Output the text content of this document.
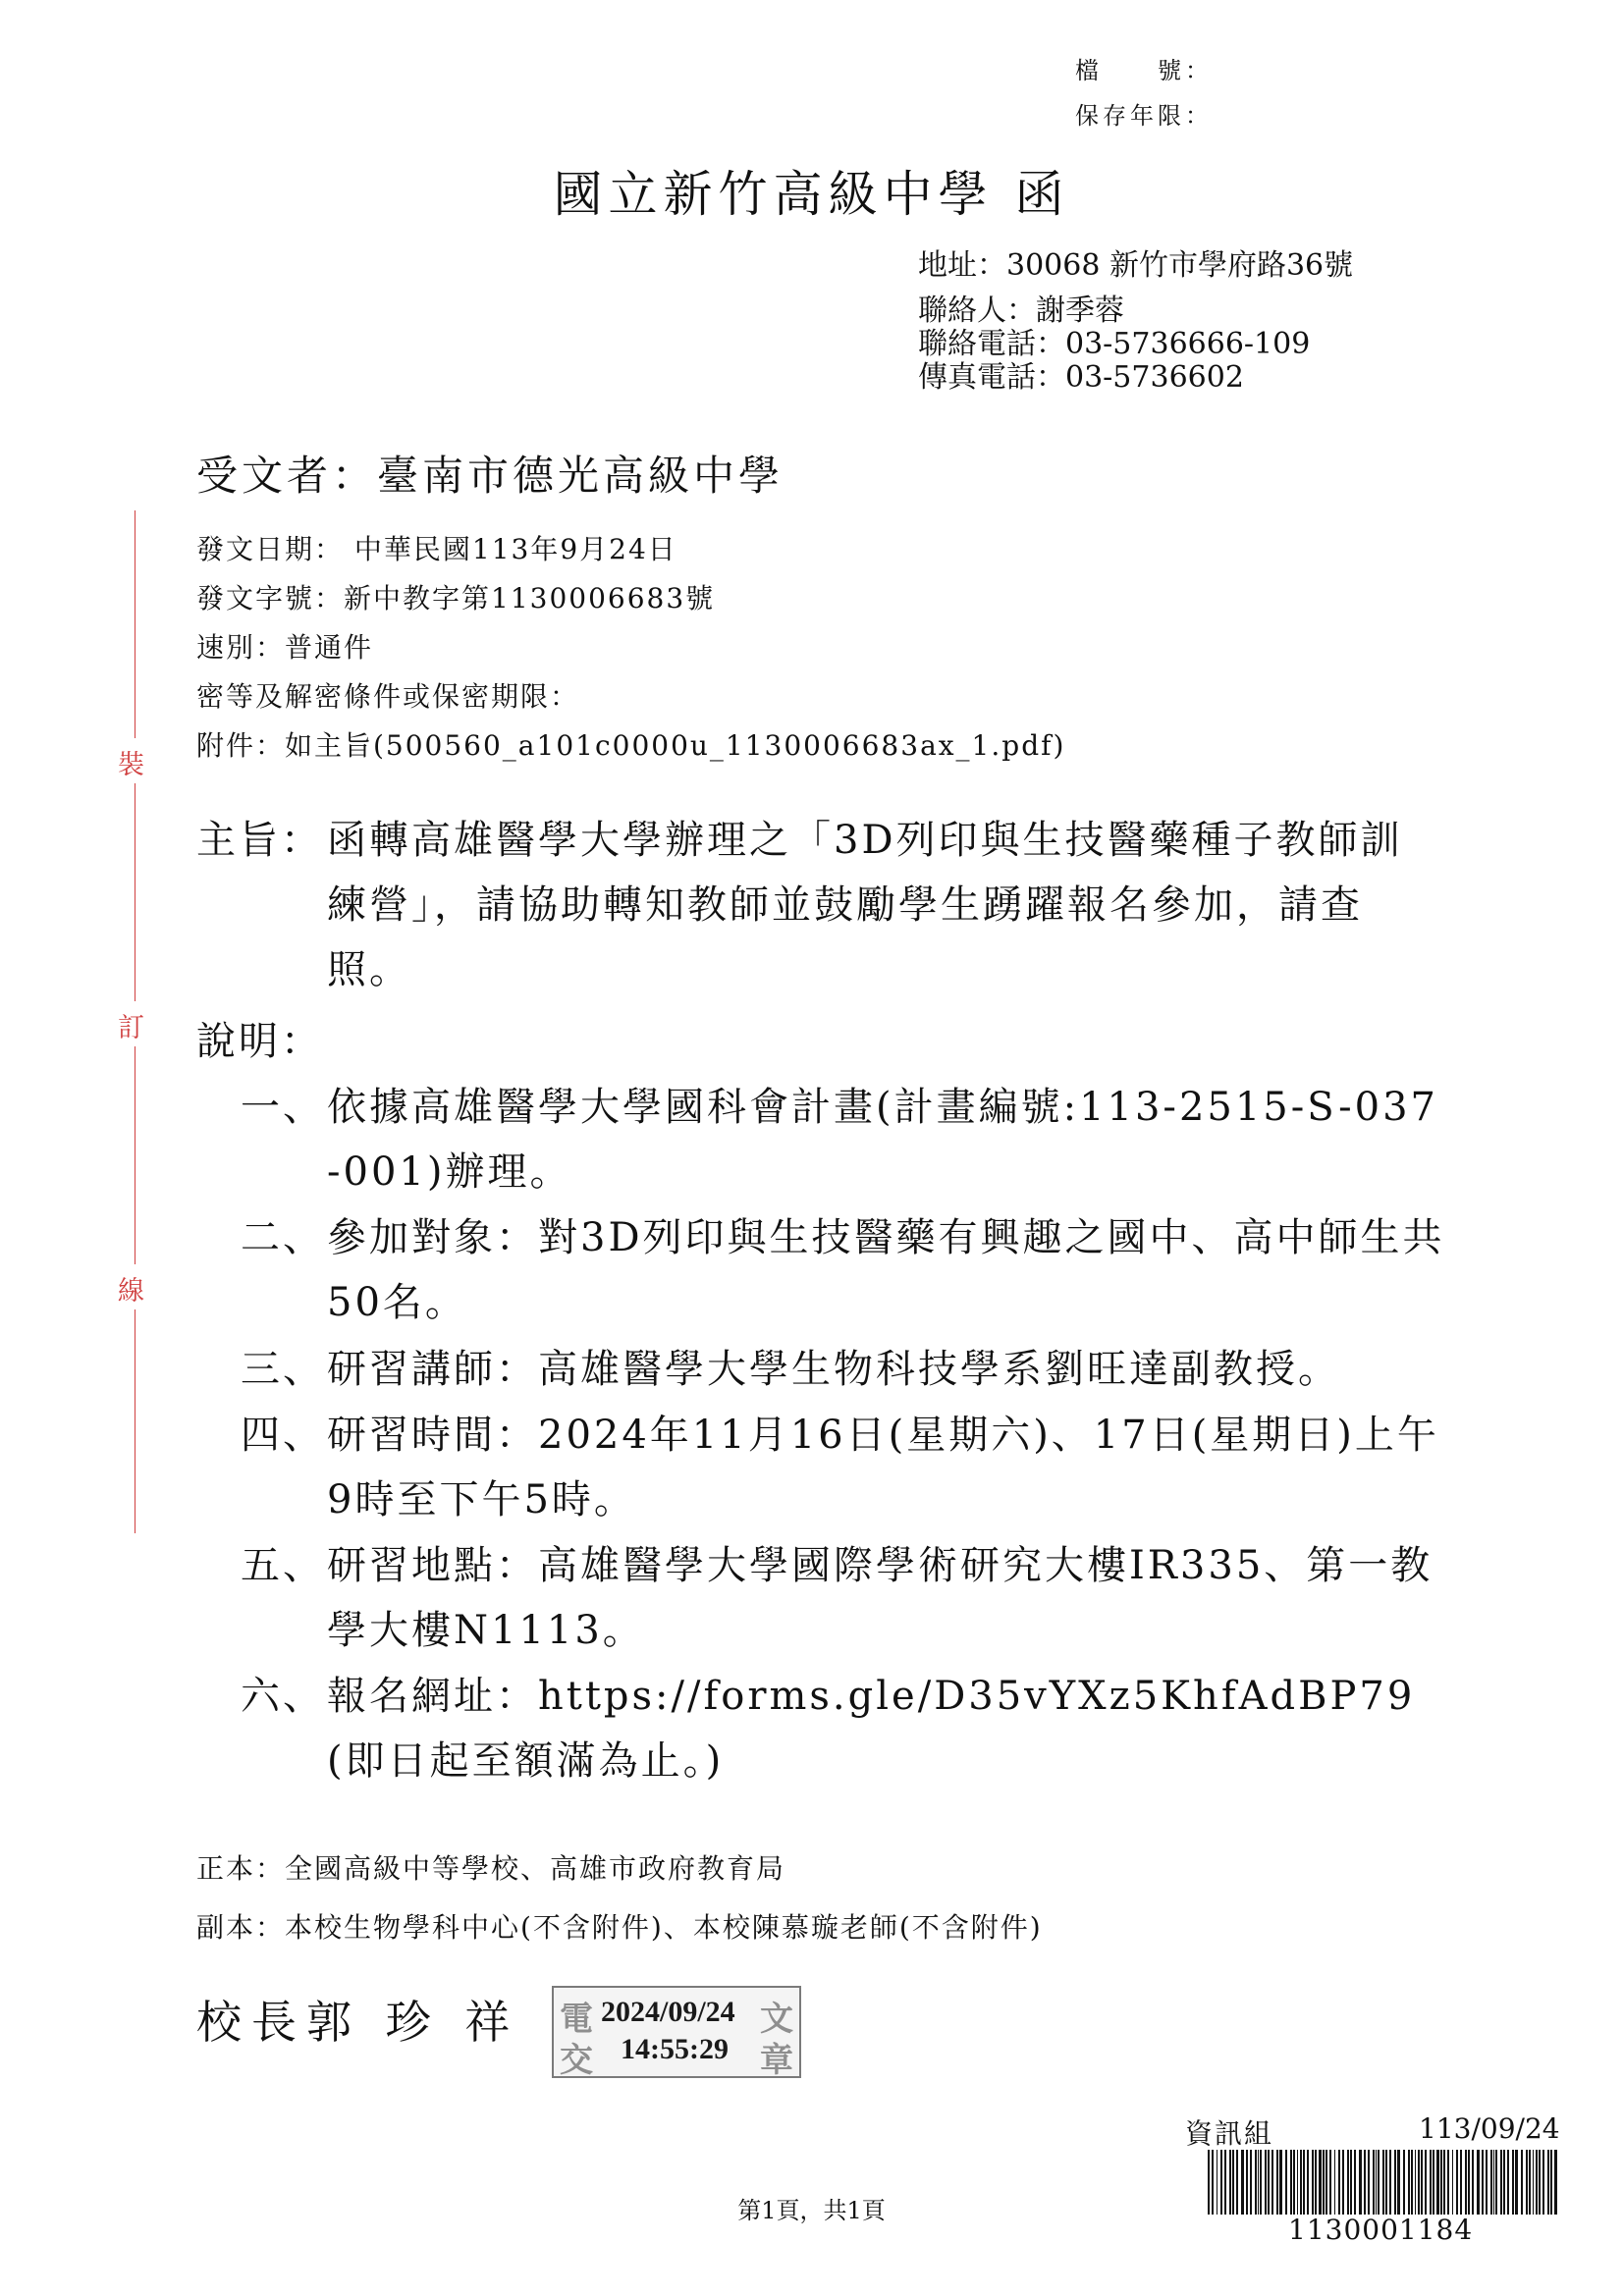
檔　　號：
保存年限：
國立新竹高級中學 函
地址：30068 新竹市學府路36號
聯絡人：謝季蓉
聯絡電話：03-5736666-109
傳真電話：03-5736602
受文者：臺南市德光高級中學
發文日期： 中華民國113年9月24日
發文字號：新中教字第1130006683號
速別：普通件
密等及解密條件或保密期限：
附件：如主旨(500560_a101c0000u_1130006683ax_1.pdf)
裝
訂
線
主旨： 函轉高雄醫學大學辦理之「3D列印與生技醫藥種子教師訓練營」，請協助轉知教師並鼓勵學生踴躍報名參加，請查照。
說明：
一、 依據高雄醫學大學國科會計畫(計畫編號:113-2515-S-037-001)辦理。
二、 參加對象：對3D列印與生技醫藥有興趣之國中、高中師生共50名。
三、 研習講師：高雄醫學大學生物科技學系劉旺達副教授。
四、 研習時間：2024年11月16日(星期六)、17日(星期日)上午9時至下午5時。
五、 研習地點：高雄醫學大學國際學術研究大樓IR335、第一教學大樓N1113。
六、 報名網址：https://forms.gle/D35vYXz5KhfAdBP79(即日起至額滿為止。)
正本：全國高級中等學校、高雄市政府教育局
副本：本校生物學科中心(不含附件)、本校陳慕璇老師(不含附件)
校長郭 珍 祥 電	文
交	章
2024/09/24
14:55:29
資訊組	113/09/24
1130001184
第1頁，共1頁
